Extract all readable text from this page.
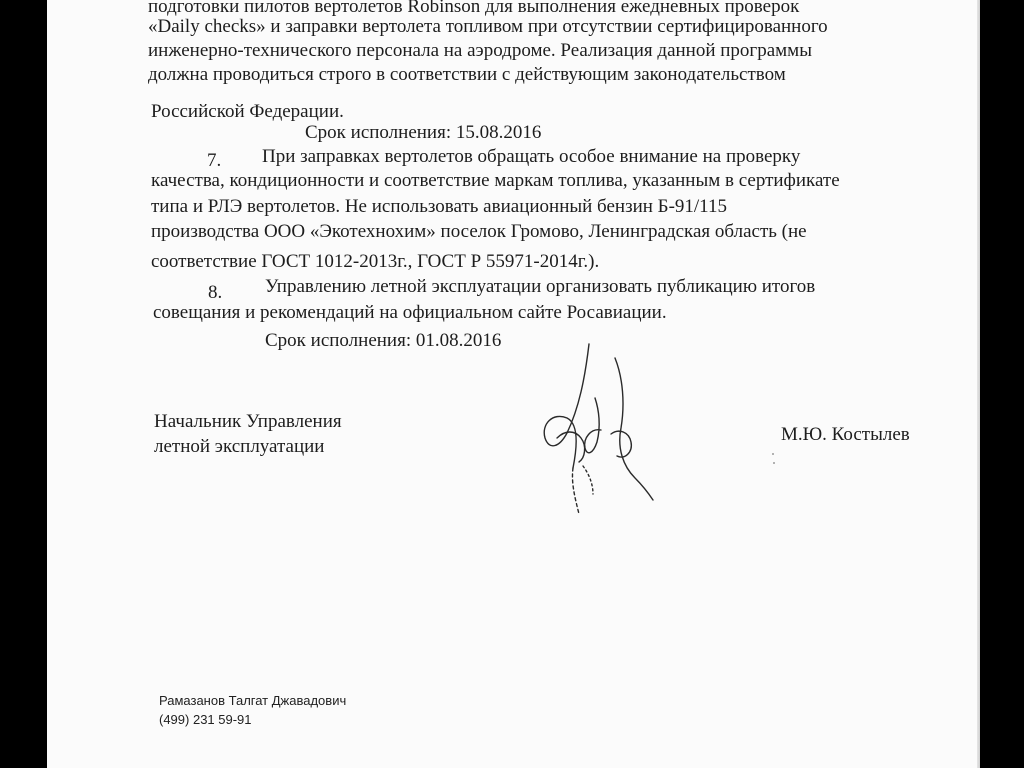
подготовки пилотов вертолетов Robinson для выполнения ежедневных проверок
«Daily checks» и заправки вертолета топливом при отсутствии сертифицированного
инженерно-технического персонала на аэродроме. Реализация данной программы
должна проводиться строго в соответствии с действующим законодательством
Российской Федерации.
Срок исполнения: 15.08.2016
7. При заправках вертолетов обращать особое внимание на проверку
качества, кондиционности и соответствие маркам топлива, указанным в сертификате
типа и РЛЭ вертолетов. Не использовать авиационный бензин Б-91/115
производства ООО «Экотехнохим» поселок Громово, Ленинградская область (не
соответствие ГОСТ 1012-2013г., ГОСТ Р 55971-2014г.).
8. Управлению летной эксплуатации организовать публикацию итогов
совещания и рекомендаций на официальном сайте Росавиации.
Срок исполнения: 01.08.2016
Начальник Управления
летной эксплуатации
М.Ю. Костылев
Рамазанов Талгат Джавадович
(499) 231 59-91
